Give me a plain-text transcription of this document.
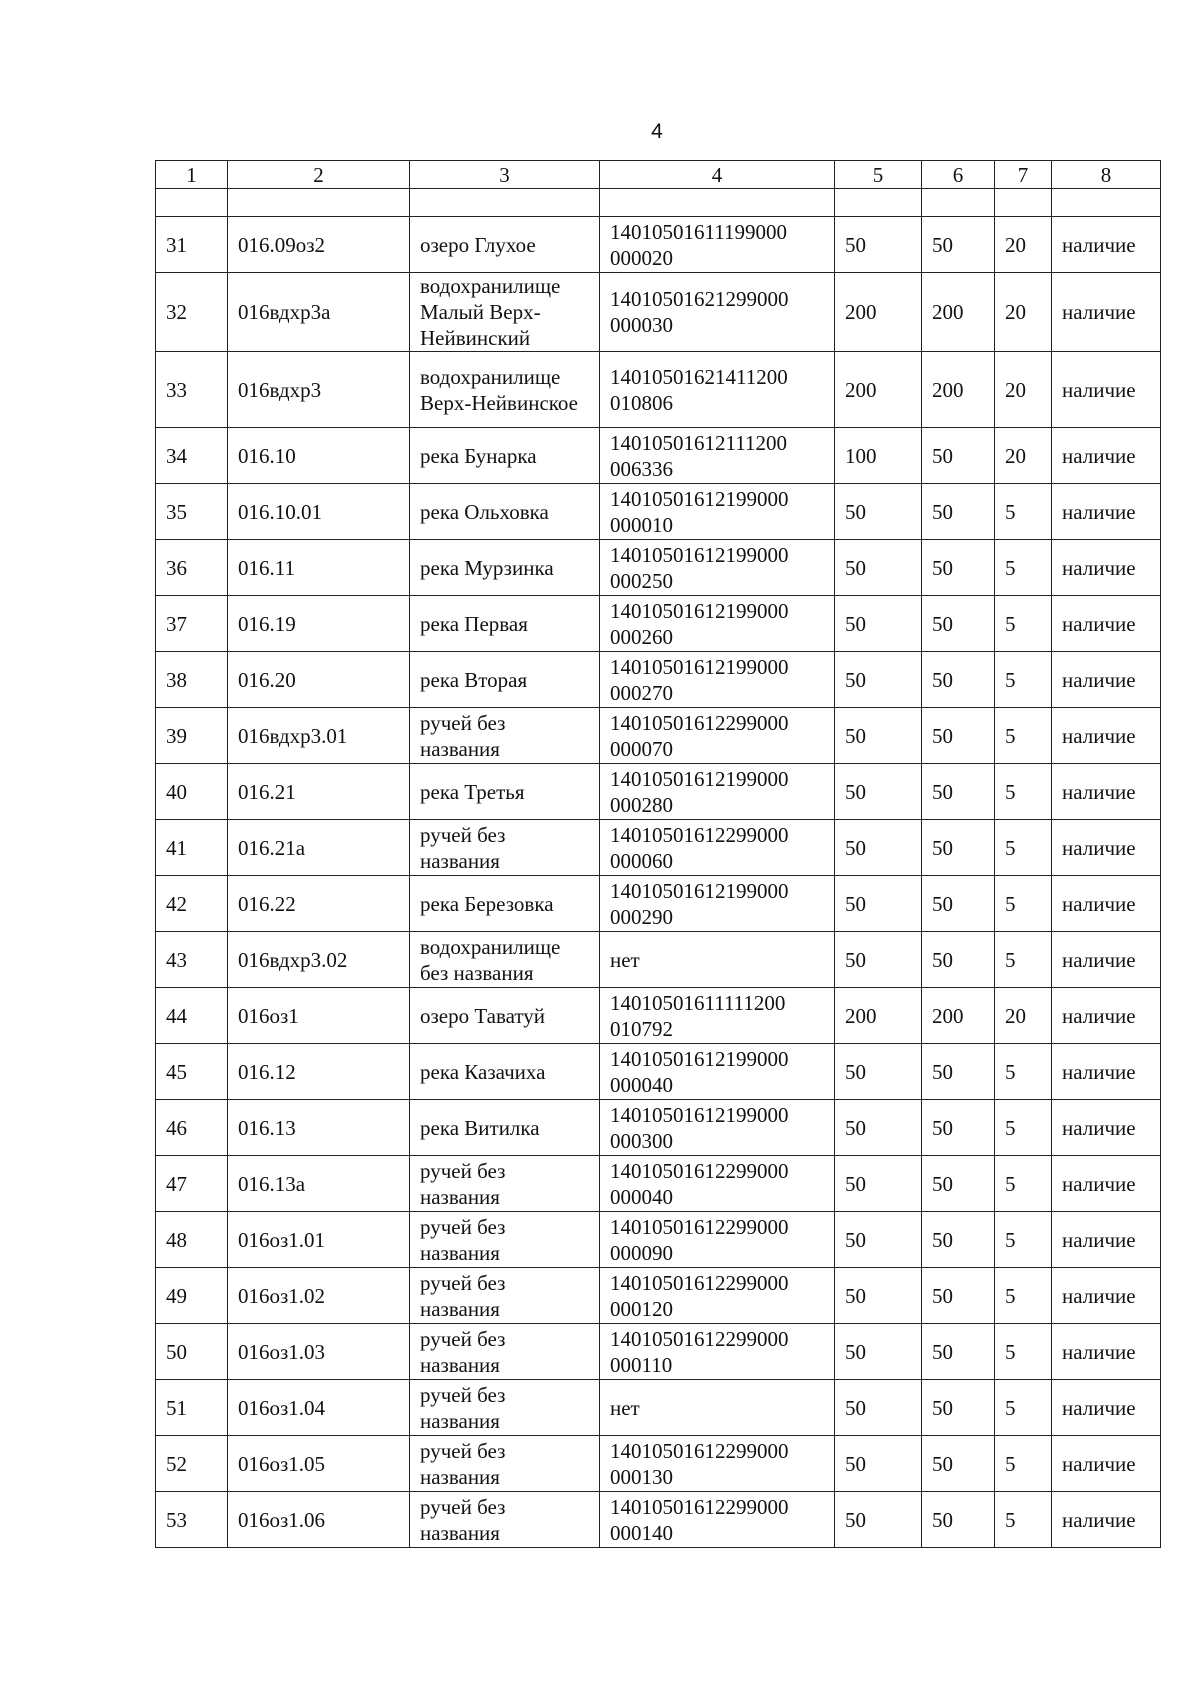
4
1	2	3	4	5	6	7	8

31	016.09оз2	озеро Глухое	14010501611199000 000020	50	50	20	наличие
32	016вдхр3а	водохранилище Малый Верх-Нейвинский	14010501621299000 000030	200	200	20	наличие
33	016вдхр3	водохранилище Верх-Нейвинское	14010501621411200 010806	200	200	20	наличие
34	016.10	река Бунарка	14010501612111200 006336	100	50	20	наличие
35	016.10.01	река Ольховка	14010501612199000 000010	50	50	5	наличие
36	016.11	река Мурзинка	14010501612199000 000250	50	50	5	наличие
37	016.19	река Первая	14010501612199000 000260	50	50	5	наличие
38	016.20	река Вторая	14010501612199000 000270	50	50	5	наличие
39	016вдхр3.01	ручей без названия	14010501612299000 000070	50	50	5	наличие
40	016.21	река Третья	14010501612199000 000280	50	50	5	наличие
41	016.21а	ручей без названия	14010501612299000 000060	50	50	5	наличие
42	016.22	река Березовка	14010501612199000 000290	50	50	5	наличие
43	016вдхр3.02	водохранилище без названия	нет	50	50	5	наличие
44	016оз1	озеро Таватуй	14010501611111200 010792	200	200	20	наличие
45	016.12	река Казачиха	14010501612199000 000040	50	50	5	наличие
46	016.13	река Витилка	14010501612199000 000300	50	50	5	наличие
47	016.13а	ручей без названия	14010501612299000 000040	50	50	5	наличие
48	016оз1.01	ручей без названия	14010501612299000 000090	50	50	5	наличие
49	016оз1.02	ручей без названия	14010501612299000 000120	50	50	5	наличие
50	016оз1.03	ручей без названия	14010501612299000 000110	50	50	5	наличие
51	016оз1.04	ручей без названия	нет	50	50	5	наличие
52	016оз1.05	ручей без названия	14010501612299000 000130	50	50	5	наличие
53	016оз1.06	ручей без названия	14010501612299000 000140	50	50	5	наличие
